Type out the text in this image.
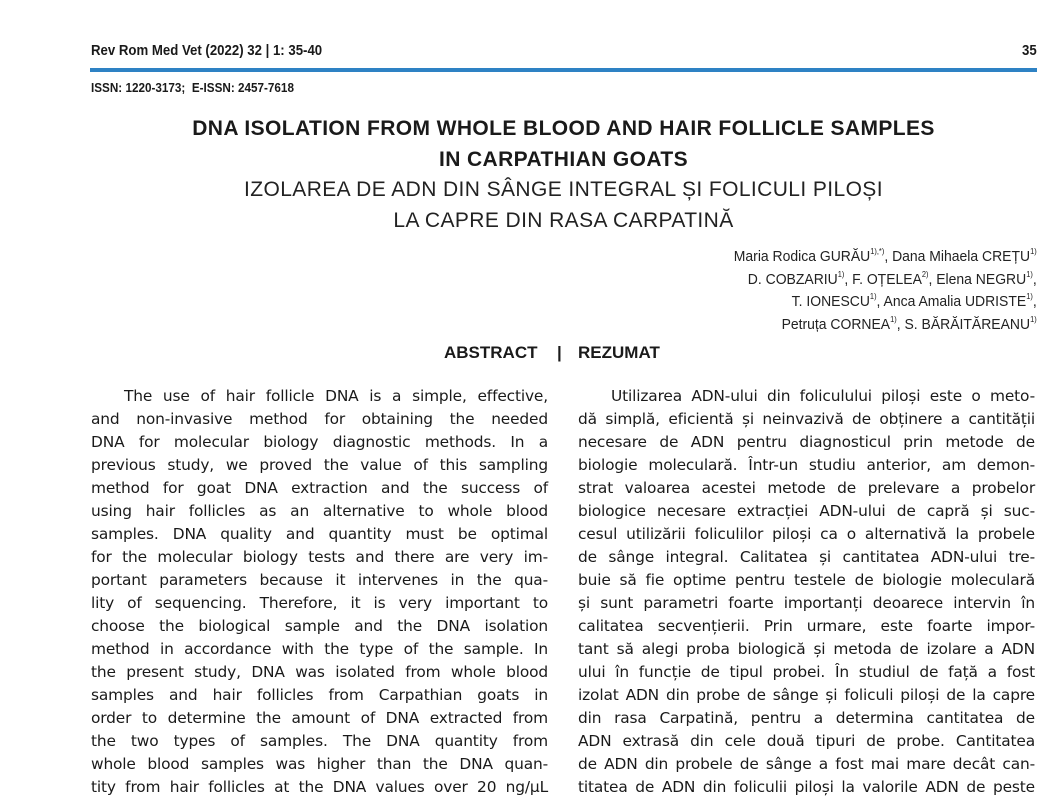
Rev Rom Med Vet (2022) 32 | 1: 35-40	35
ISSN: 1220-3173; E-ISSN: 2457-7618
DNA ISOLATION FROM WHOLE BLOOD AND HAIR FOLLICLE SAMPLES
IN CARPATHIAN GOATS
IZOLAREA DE ADN DIN SÂNGE INTEGRAL ȘI FOLICULI PILOȘI
LA CAPRE DIN RASA CARPATINĂ
Maria Rodica $GURĂU^{1),*)}$, Dana Mihaela CREȚU$^{1)}$
D. COBZARIU$^{1)}$, F. OȚELEA$^{2)}$, Elena NEGRU$^{1)}$,
T. IONESCU$^{1)}$, Anca Amalia UDRISTE$^{1)}$,
Petruța CORNEA$^{1)}$, S. BĂRĂITĂREANU$^{1)}$
ABSTRACT | REZUMAT
The use of hair follicle DNA is a simple, effective,
and non-invasive method for obtaining the needed
DNA for molecular biology diagnostic methods. In a
previous study, we proved the value of this sampling
method for goat DNA extraction and the success of
using hair follicles as an alternative to whole blood
samples. DNA quality and quantity must be optimal
for the molecular biology tests and there are very im-
portant parameters because it intervenes in the qua-
lity of sequencing. Therefore, it is very important to
choose the biological sample and the DNA isolation
method in accordance with the type of the sample. In
the present study, DNA was isolated from whole blood
samples and hair follicles from Carpathian goats in
order to determine the amount of DNA extracted from
the two types of samples. The DNA quantity from
whole blood samples was higher than the DNA quan-
tity from hair follicles at the DNA values over 20 ng/µL
Utilizarea ADN-ului din foliculului piloși este o meto-
dă simplă, eficientă și neinvazivă de obținere a cantității
necesare de ADN pentru diagnosticul prin metode de
biologie moleculară. Într-un studiu anterior, am demon-
strat valoarea acestei metode de prelevare a probelor
biologice necesare extracției ADN-ului de capră și suc-
cesul utilizării foliculilor piloși ca o alternativă la probele
de sânge integral. Calitatea și cantitatea ADN-ului tre-
buie să fie optime pentru testele de biologie moleculară
și sunt parametri foarte importanți deoarece intervin în
calitatea secvențierii. Prin urmare, este foarte impor-
tant să alegi proba biologică și metoda de izolare a ADN
ului în funcție de tipul probei. În studiul de față a fost
izolat ADN din probe de sânge și foliculi piloși de la capre
din rasa Carpatină, pentru a determina cantitatea de
ADN extrasă din cele două tipuri de probe. Cantitatea
de ADN din probele de sânge a fost mai mare decât can-
titatea de ADN din foliculii piloși la valorile ADN de peste
